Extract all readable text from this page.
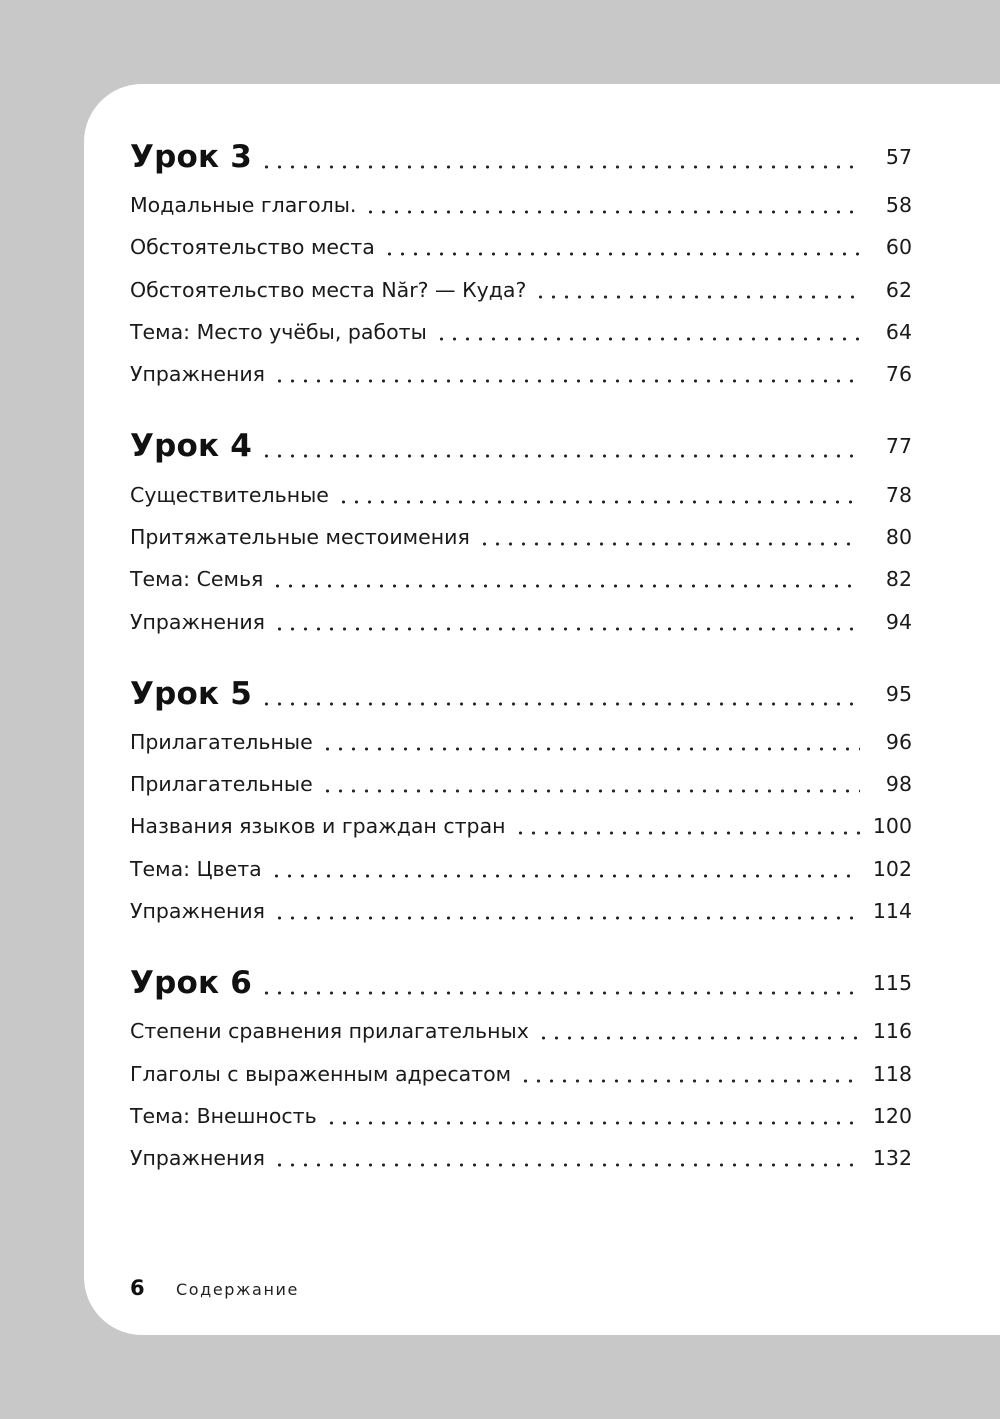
Урок 3	57
Модальные глаголы.	58
Обстоятельство места	60
Обстоятельство места Năr? — Куда?	62
Тема: Место учёбы, работы	64
Упражнения	76
Урок 4	77
Существительные	78
Притяжательные местоимения	80
Тема: Семья	82
Упражнения	94
Урок 5	95
Прилагательные	96
Прилагательные	98
Названия языков и граждан стран	100
Тема: Цвета	102
Упражнения	114
Урок 6	115
Степени сравнения прилагательных	116
Глаголы с выраженным адресатом	118
Тема: Внешность	120
Упражнения	132
6	Содержание
